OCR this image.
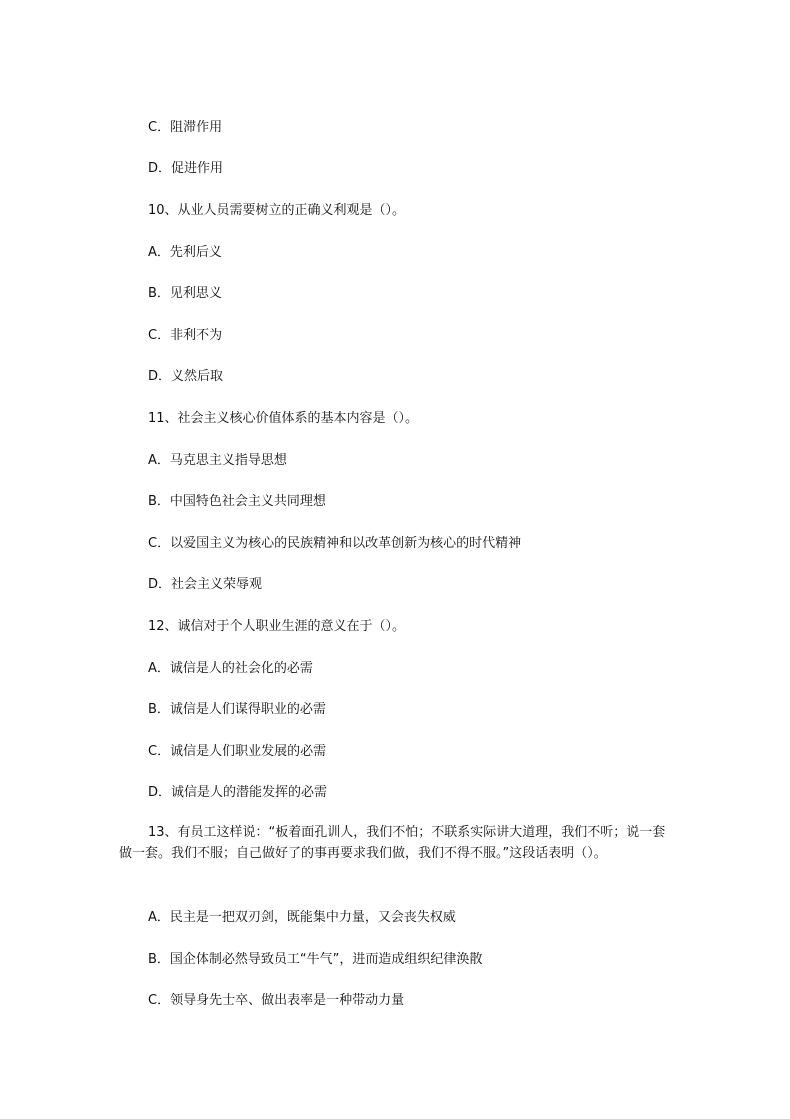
C．阻滞作用
D．促进作用
10、从业人员需要树立的正确义利观是（）。
A．先利后义
B．见利思义
C．非利不为
D．义然后取
11、社会主义核心价值体系的基本内容是（）。
A．马克思主义指导思想
B．中国特色社会主义共同理想
C．以爱国主义为核心的民族精神和以改革创新为核心的时代精神
D．社会主义荣辱观
12、诚信对于个人职业生涯的意义在于（）。
A．诚信是人的社会化的必需
B．诚信是人们谋得职业的必需
C．诚信是人们职业发展的必需
D．诚信是人的潜能发挥的必需
13、有员工这样说：“板着面孔训人，我们不怕；不联系实际讲大道理，我们不听；说一套做一套。我们不服；自己做好了的事再要求我们做，我们不得不服。”这段话表明（）。
A．民主是一把双刃剑，既能集中力量，又会丧失权威
B．国企体制必然导致员工“牛气”，进而造成组织纪律涣散
C．领导身先士卒、做出表率是一种带动力量
